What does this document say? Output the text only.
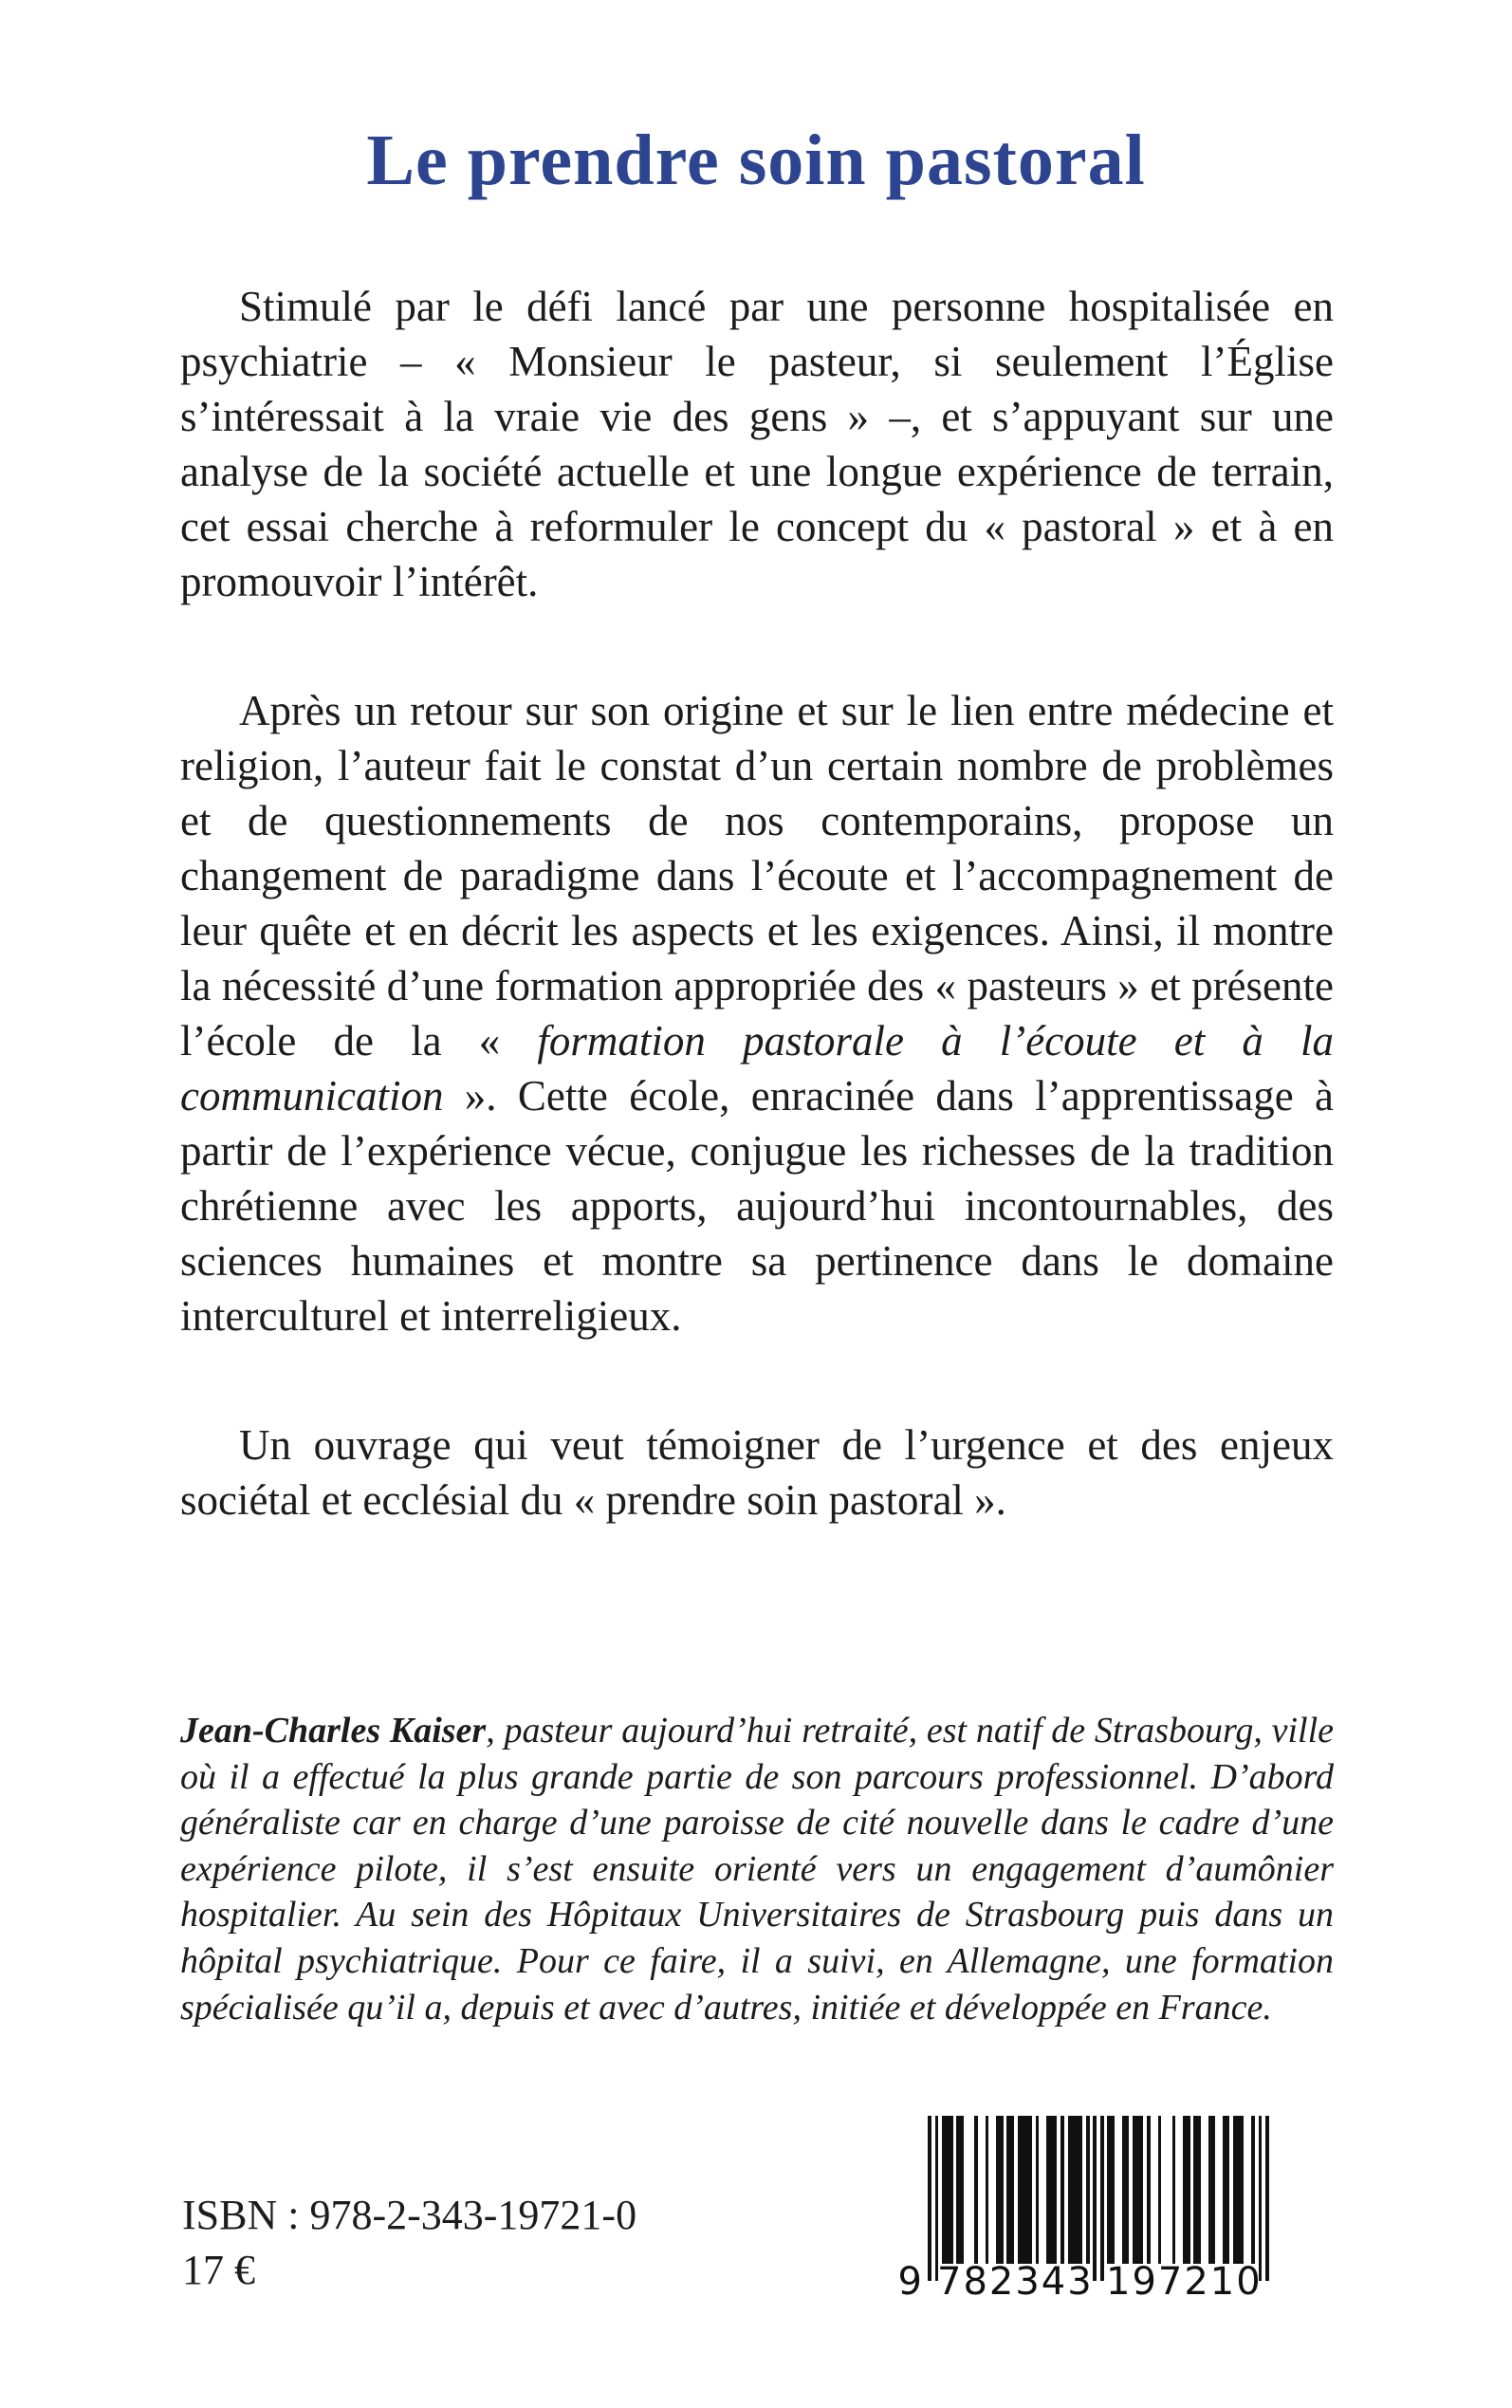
Le prendre soin pastoral

Stimulé par le défi lancé par une personne hospitalisée en psychiatrie – « Monsieur le pasteur, si seulement l’Église s’intéressait à la vraie vie des gens » –, et s’appuyant sur une analyse de la société actuelle et une longue expérience de terrain, cet essai cherche à reformuler le concept du « pastoral » et à en promouvoir l’intérêt.

Après un retour sur son origine et sur le lien entre médecine et religion, l’auteur fait le constat d’un certain nombre de problèmes et de questionnements de nos contemporains, propose un changement de paradigme dans l’écoute et l’accompagnement de leur quête et en décrit les aspects et les exigences. Ainsi, il montre la nécessité d’une formation appropriée des « pasteurs » et présente l’école de la « formation pastorale à l’écoute et à la communication ». Cette école, enracinée dans l’apprentissage à partir de l’expérience vécue, conjugue les richesses de la tradition chrétienne avec les apports, aujourd’hui incontournables, des sciences humaines et montre sa pertinence dans le domaine interculturel et interreligieux.

Un ouvrage qui veut témoigner de l’urgence et des enjeux sociétal et ecclésial du « prendre soin pastoral ».

Jean-Charles Kaiser, pasteur aujourd’hui retraité, est natif de Strasbourg, ville où il a effectué la plus grande partie de son parcours professionnel. D’abord généraliste car en charge d’une paroisse de cité nouvelle dans le cadre d’une expérience pilote, il s’est ensuite orienté vers un engagement d’aumônier hospitalier. Au sein des Hôpitaux Universitaires de Strasbourg puis dans un hôpital psychiatrique. Pour ce faire, il a suivi, en Allemagne, une formation spécialisée qu’il a, depuis et avec d’autres, initiée et développée en France.
ISBN : 978-2-343-19721-0
17 €	9 782343 197210
